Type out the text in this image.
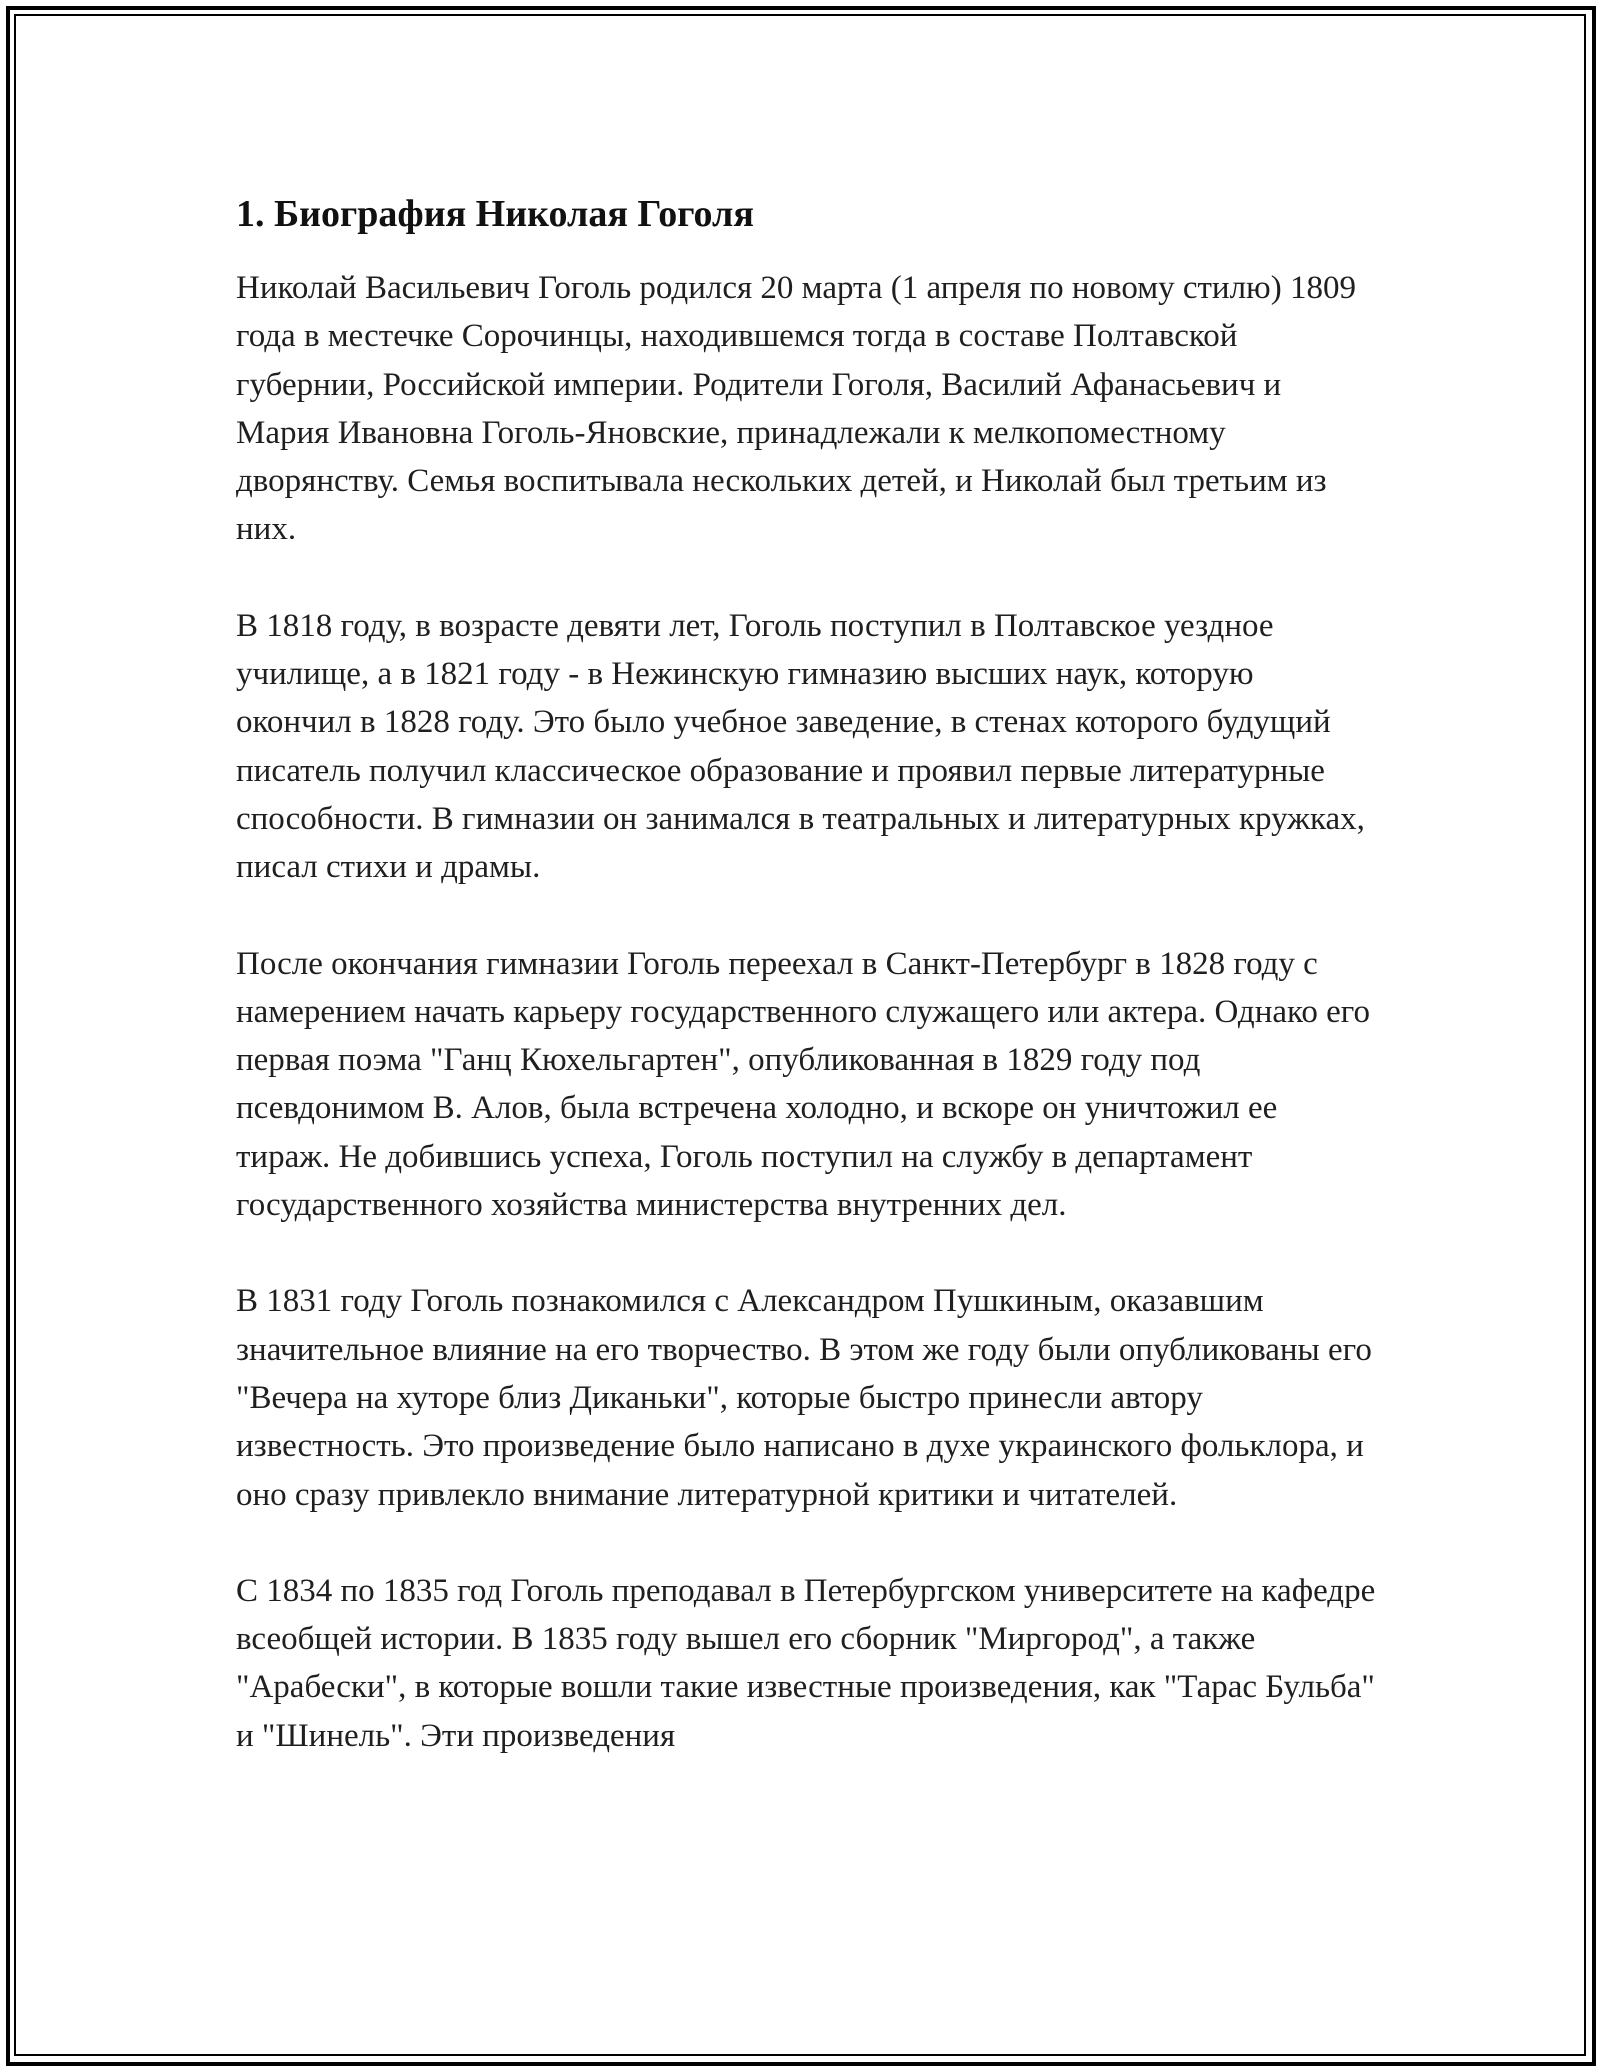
1. Биография Николая Гоголя

Николай Васильевич Гоголь родился 20 марта (1 апреля по новому стилю) 1809 года в местечке Сорочинцы, находившемся тогда в составе Полтавской губернии, Российской империи. Родители Гоголя, Василий Афанасьевич и Мария Ивановна Гоголь-Яновские, принадлежали к мелкопоместному дворянству. Семья воспитывала нескольких детей, и Николай был третьим из них.

В 1818 году, в возрасте девяти лет, Гоголь поступил в Полтавское уездное училище, а в 1821 году - в Нежинскую гимназию высших наук, которую окончил в 1828 году. Это было учебное заведение, в стенах которого будущий писатель получил классическое образование и проявил первые литературные способности. В гимназии он занимался в театральных и литературных кружках, писал стихи и драмы.

После окончания гимназии Гоголь переехал в Санкт-Петербург в 1828 году с намерением начать карьеру государственного служащего или актера. Однако его первая поэма "Ганц Кюхельгартен", опубликованная в 1829 году под псевдонимом В. Алов, была встречена холодно, и вскоре он уничтожил ее тираж. Не добившись успеха, Гоголь поступил на службу в департамент государственного хозяйства министерства внутренних дел.

В 1831 году Гоголь познакомился с Александром Пушкиным, оказавшим значительное влияние на его творчество. В этом же году были опубликованы его "Вечера на хуторе близ Диканьки", которые быстро принесли автору известность. Это произведение было написано в духе украинского фольклора, и оно сразу привлекло внимание литературной критики и читателей.

С 1834 по 1835 год Гоголь преподавал в Петербургском университете на кафедре всеобщей истории. В 1835 году вышел его сборник "Миргород", а также "Арабески", в которые вошли такие известные произведения, как "Тарас Бульба" и "Шинель". Эти произведения
